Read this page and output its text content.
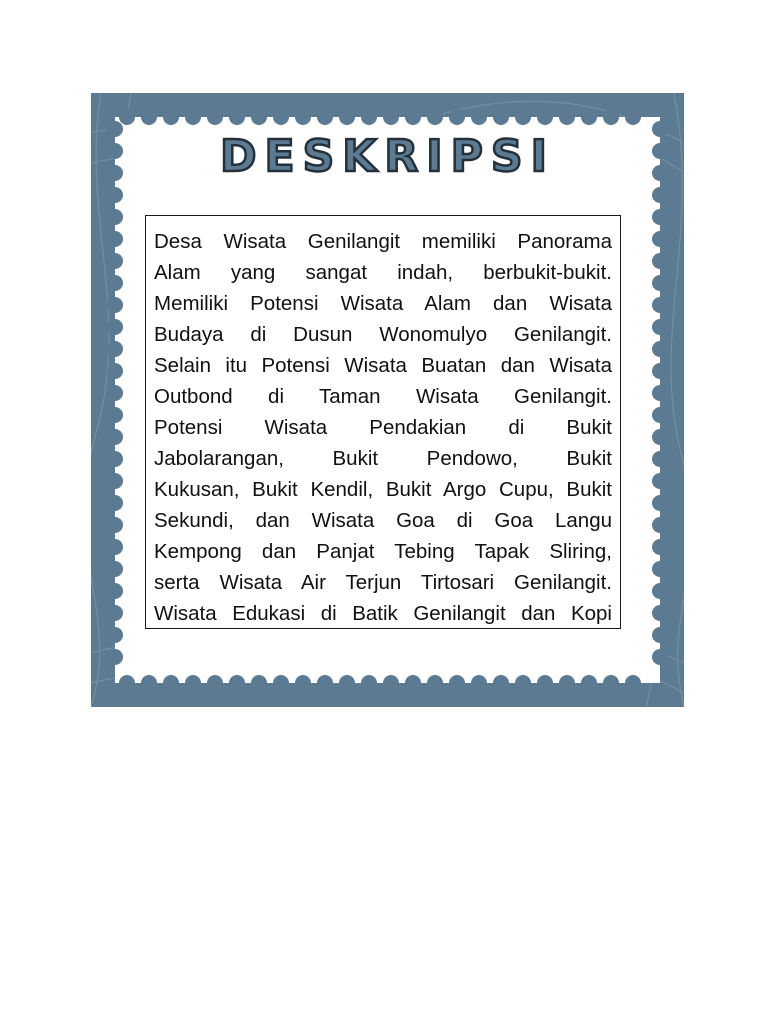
DESKRIPSI
Desa Wisata Genilangit memiliki Panorama
Alam yang sangat indah, berbukit-bukit.
Memiliki Potensi Wisata Alam dan Wisata
Budaya di Dusun Wonomulyo Genilangit.
Selain itu Potensi Wisata Buatan dan Wisata
Outbond di Taman Wisata Genilangit.
Potensi Wisata Pendakian di Bukit
Jabolarangan, Bukit Pendowo, Bukit
Kukusan, Bukit Kendil, Bukit Argo Cupu, Bukit
Sekundi, dan Wisata Goa di Goa Langu
Kempong dan Panjat Tebing Tapak Sliring,
serta Wisata Air Terjun Tirtosari Genilangit.
Wisata Edukasi di Batik Genilangit dan Kopi
